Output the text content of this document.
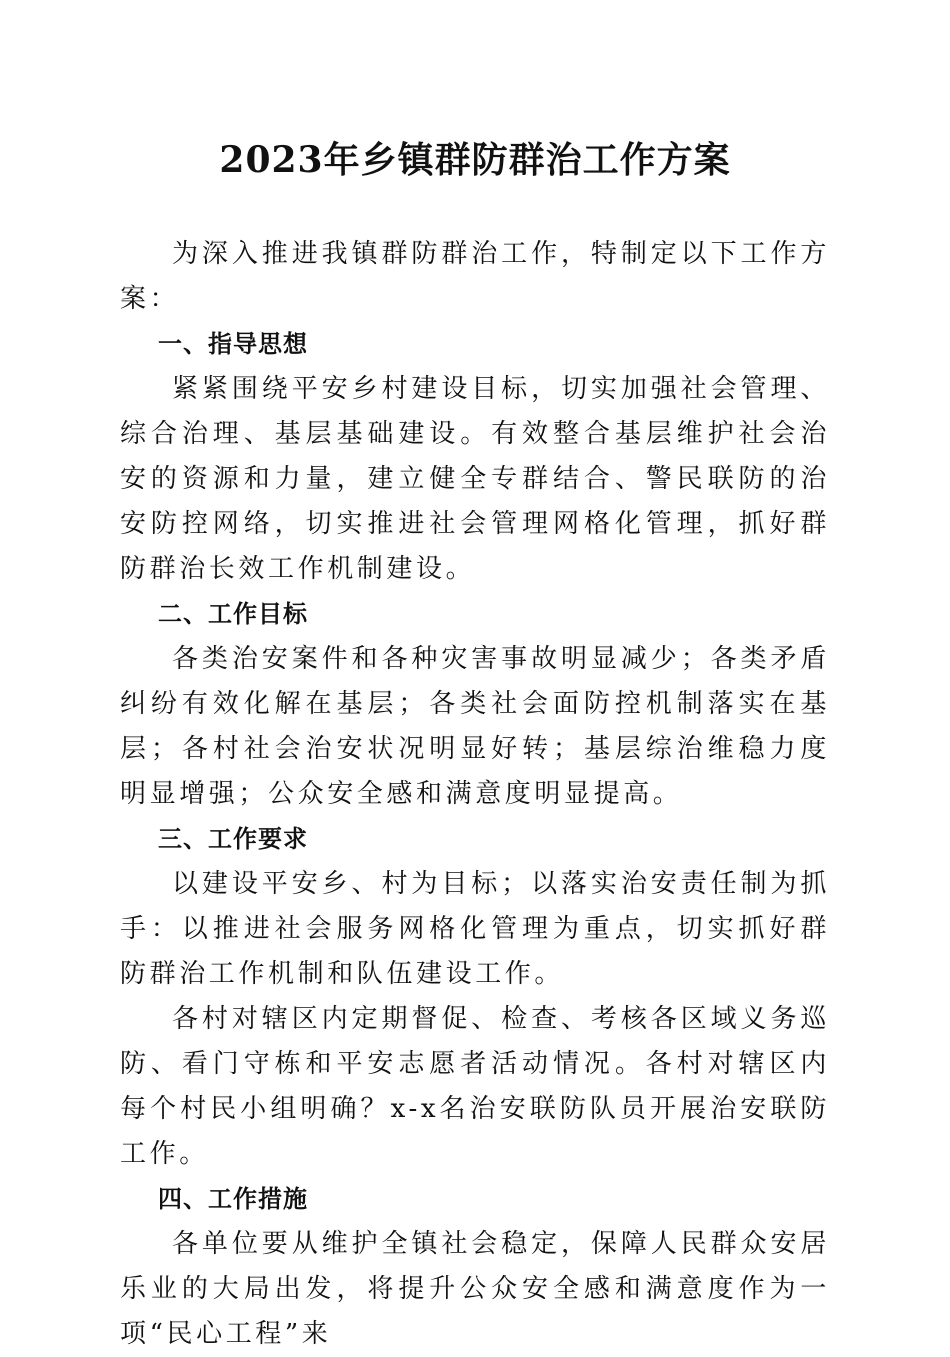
2023年乡镇群防群治工作方案

为深入推进我镇群防群治工作，特制定以下工作方案：

一、指导思想

紧紧围绕平安乡村建设目标，切实加强社会管理、综合治理、基层基础建设。有效整合基层维护社会治安的资源和力量，建立健全专群结合、警民联防的治安防控网络，切实推进社会管理网格化管理，抓好群防群治长效工作机制建设。

二、工作目标

各类治安案件和各种灾害事故明显减少；各类矛盾纠纷有效化解在基层；各类社会面防控机制落实在基层；各村社会治安状况明显好转；基层综治维稳力度明显增强；公众安全感和满意度明显提高。

三、工作要求

以建设平安乡、村为目标；以落实治安责任制为抓手：以推进社会服务网格化管理为重点，切实抓好群防群治工作机制和队伍建设工作。

各村对辖区内定期督促、检查、考核各区域义务巡防、看门守栋和平安志愿者活动情况。各村对辖区内每个村民小组明确？x-x名治安联防队员开展治安联防工作。

四、工作措施

各单位要从维护全镇社会稳定，保障人民群众安居乐业的大局出发，将提升公众安全感和满意度作为一项“民心工程”来
